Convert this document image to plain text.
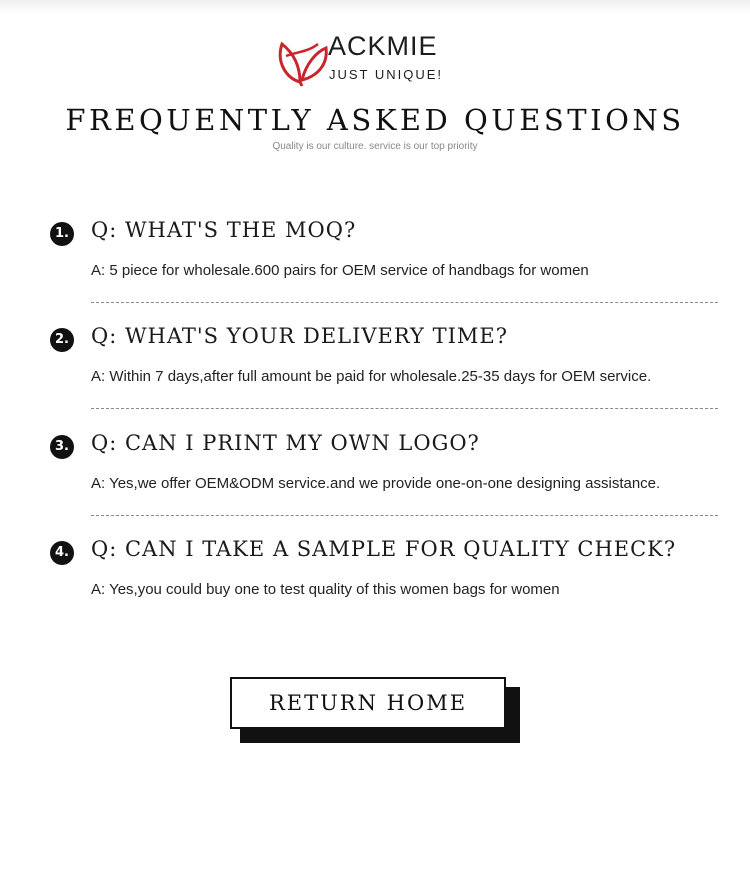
ACKMIE
JUST UNIQUE!
FREQUENTLY ASKED QUESTIONS
Quality is our culture. service is our top priority
1. Q: WHAT'S THE MOQ?
A: 5 piece for wholesale.600 pairs for OEM service of handbags for women
2. Q: WHAT'S YOUR DELIVERY TIME?
A: Within 7 days,after full amount be paid for wholesale.25-35 days for OEM service.
3. Q: CAN I PRINT MY OWN LOGO?
A: Yes,we offer OEM&ODM service.and we provide one-on-one designing assistance.
4. Q: CAN I TAKE A SAMPLE FOR QUALITY CHECK?
A: Yes,you could buy one to test quality of this women bags for women
RETURN HOME
